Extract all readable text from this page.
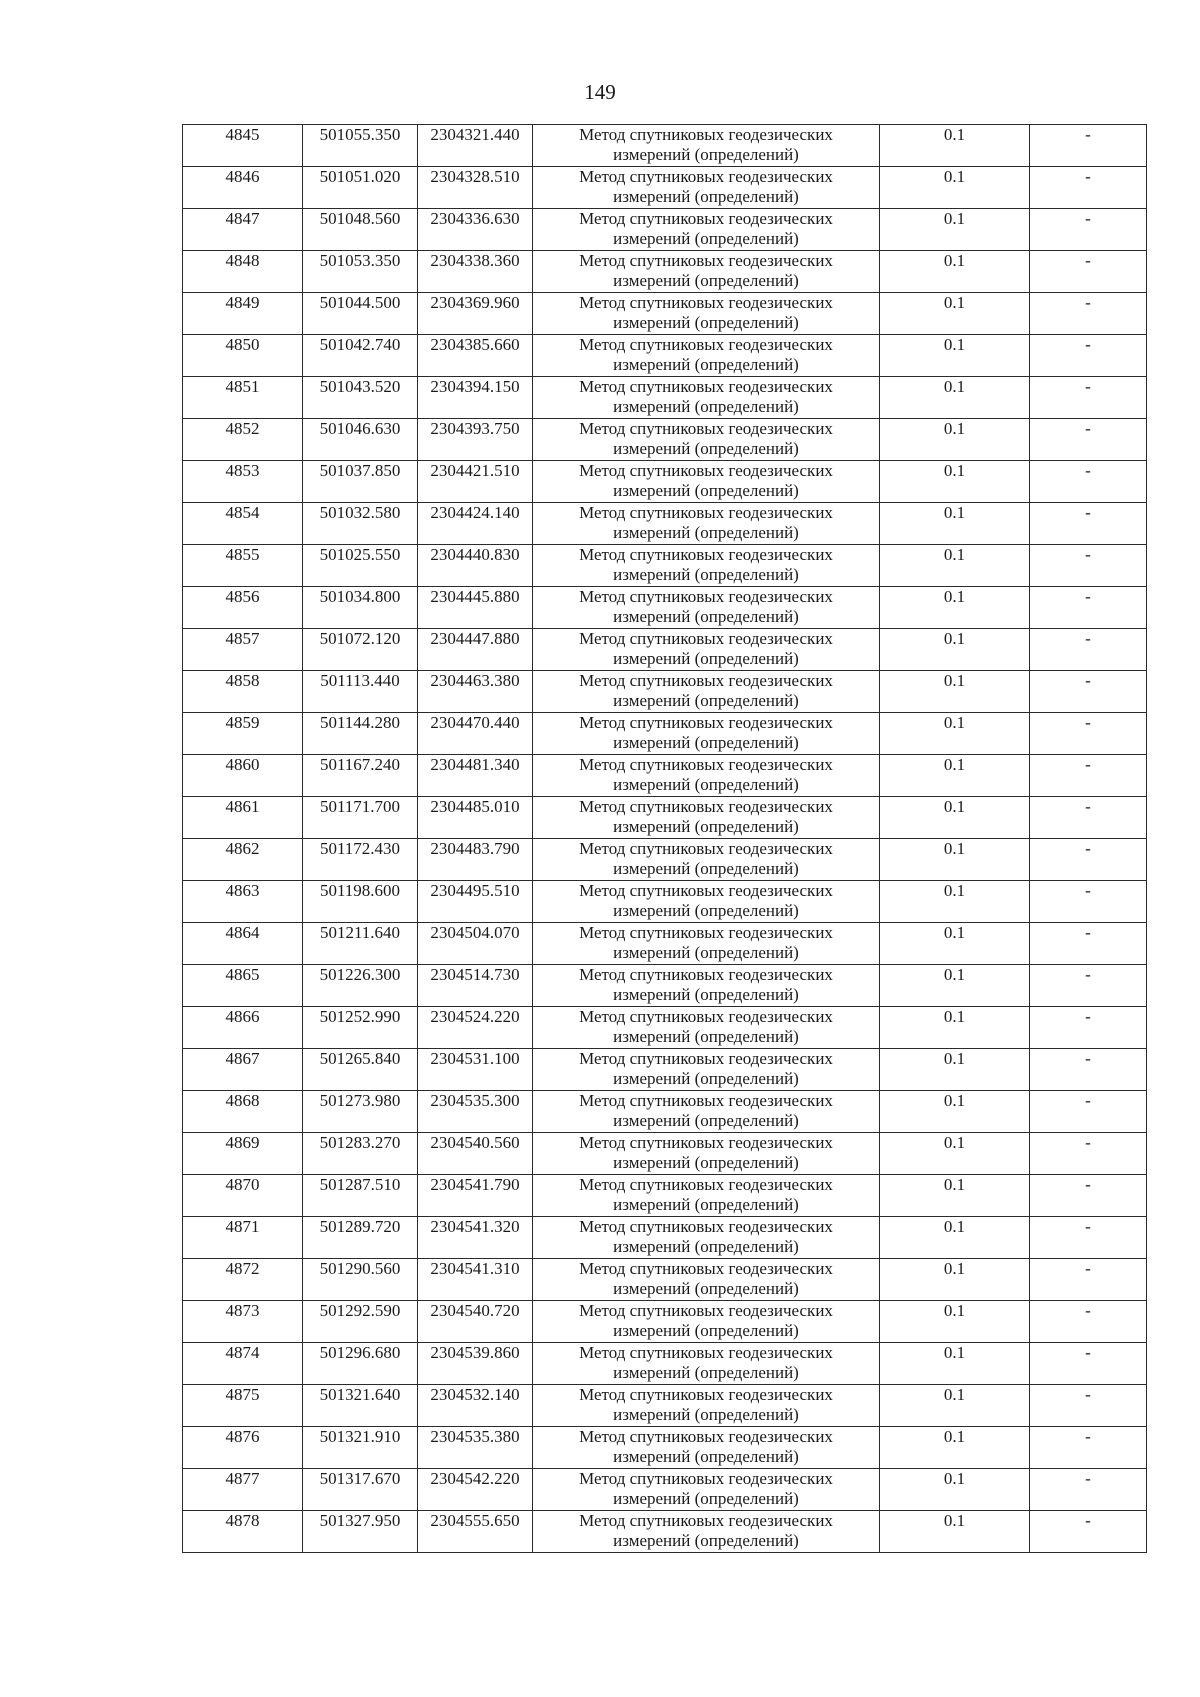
149
4845	501055.350	2304321.440	Метод спутниковых геодезических
измерений (определений)	0.1	-
4846	501051.020	2304328.510	Метод спутниковых геодезических
измерений (определений)	0.1	-
4847	501048.560	2304336.630	Метод спутниковых геодезических
измерений (определений)	0.1	-
4848	501053.350	2304338.360	Метод спутниковых геодезических
измерений (определений)	0.1	-
4849	501044.500	2304369.960	Метод спутниковых геодезических
измерений (определений)	0.1	-
4850	501042.740	2304385.660	Метод спутниковых геодезических
измерений (определений)	0.1	-
4851	501043.520	2304394.150	Метод спутниковых геодезических
измерений (определений)	0.1	-
4852	501046.630	2304393.750	Метод спутниковых геодезических
измерений (определений)	0.1	-
4853	501037.850	2304421.510	Метод спутниковых геодезических
измерений (определений)	0.1	-
4854	501032.580	2304424.140	Метод спутниковых геодезических
измерений (определений)	0.1	-
4855	501025.550	2304440.830	Метод спутниковых геодезических
измерений (определений)	0.1	-
4856	501034.800	2304445.880	Метод спутниковых геодезических
измерений (определений)	0.1	-
4857	501072.120	2304447.880	Метод спутниковых геодезических
измерений (определений)	0.1	-
4858	501113.440	2304463.380	Метод спутниковых геодезических
измерений (определений)	0.1	-
4859	501144.280	2304470.440	Метод спутниковых геодезических
измерений (определений)	0.1	-
4860	501167.240	2304481.340	Метод спутниковых геодезических
измерений (определений)	0.1	-
4861	501171.700	2304485.010	Метод спутниковых геодезических
измерений (определений)	0.1	-
4862	501172.430	2304483.790	Метод спутниковых геодезических
измерений (определений)	0.1	-
4863	501198.600	2304495.510	Метод спутниковых геодезических
измерений (определений)	0.1	-
4864	501211.640	2304504.070	Метод спутниковых геодезических
измерений (определений)	0.1	-
4865	501226.300	2304514.730	Метод спутниковых геодезических
измерений (определений)	0.1	-
4866	501252.990	2304524.220	Метод спутниковых геодезических
измерений (определений)	0.1	-
4867	501265.840	2304531.100	Метод спутниковых геодезических
измерений (определений)	0.1	-
4868	501273.980	2304535.300	Метод спутниковых геодезических
измерений (определений)	0.1	-
4869	501283.270	2304540.560	Метод спутниковых геодезических
измерений (определений)	0.1	-
4870	501287.510	2304541.790	Метод спутниковых геодезических
измерений (определений)	0.1	-
4871	501289.720	2304541.320	Метод спутниковых геодезических
измерений (определений)	0.1	-
4872	501290.560	2304541.310	Метод спутниковых геодезических
измерений (определений)	0.1	-
4873	501292.590	2304540.720	Метод спутниковых геодезических
измерений (определений)	0.1	-
4874	501296.680	2304539.860	Метод спутниковых геодезических
измерений (определений)	0.1	-
4875	501321.640	2304532.140	Метод спутниковых геодезических
измерений (определений)	0.1	-
4876	501321.910	2304535.380	Метод спутниковых геодезических
измерений (определений)	0.1	-
4877	501317.670	2304542.220	Метод спутниковых геодезических
измерений (определений)	0.1	-
4878	501327.950	2304555.650	Метод спутниковых геодезических
измерений (определений)	0.1	-
